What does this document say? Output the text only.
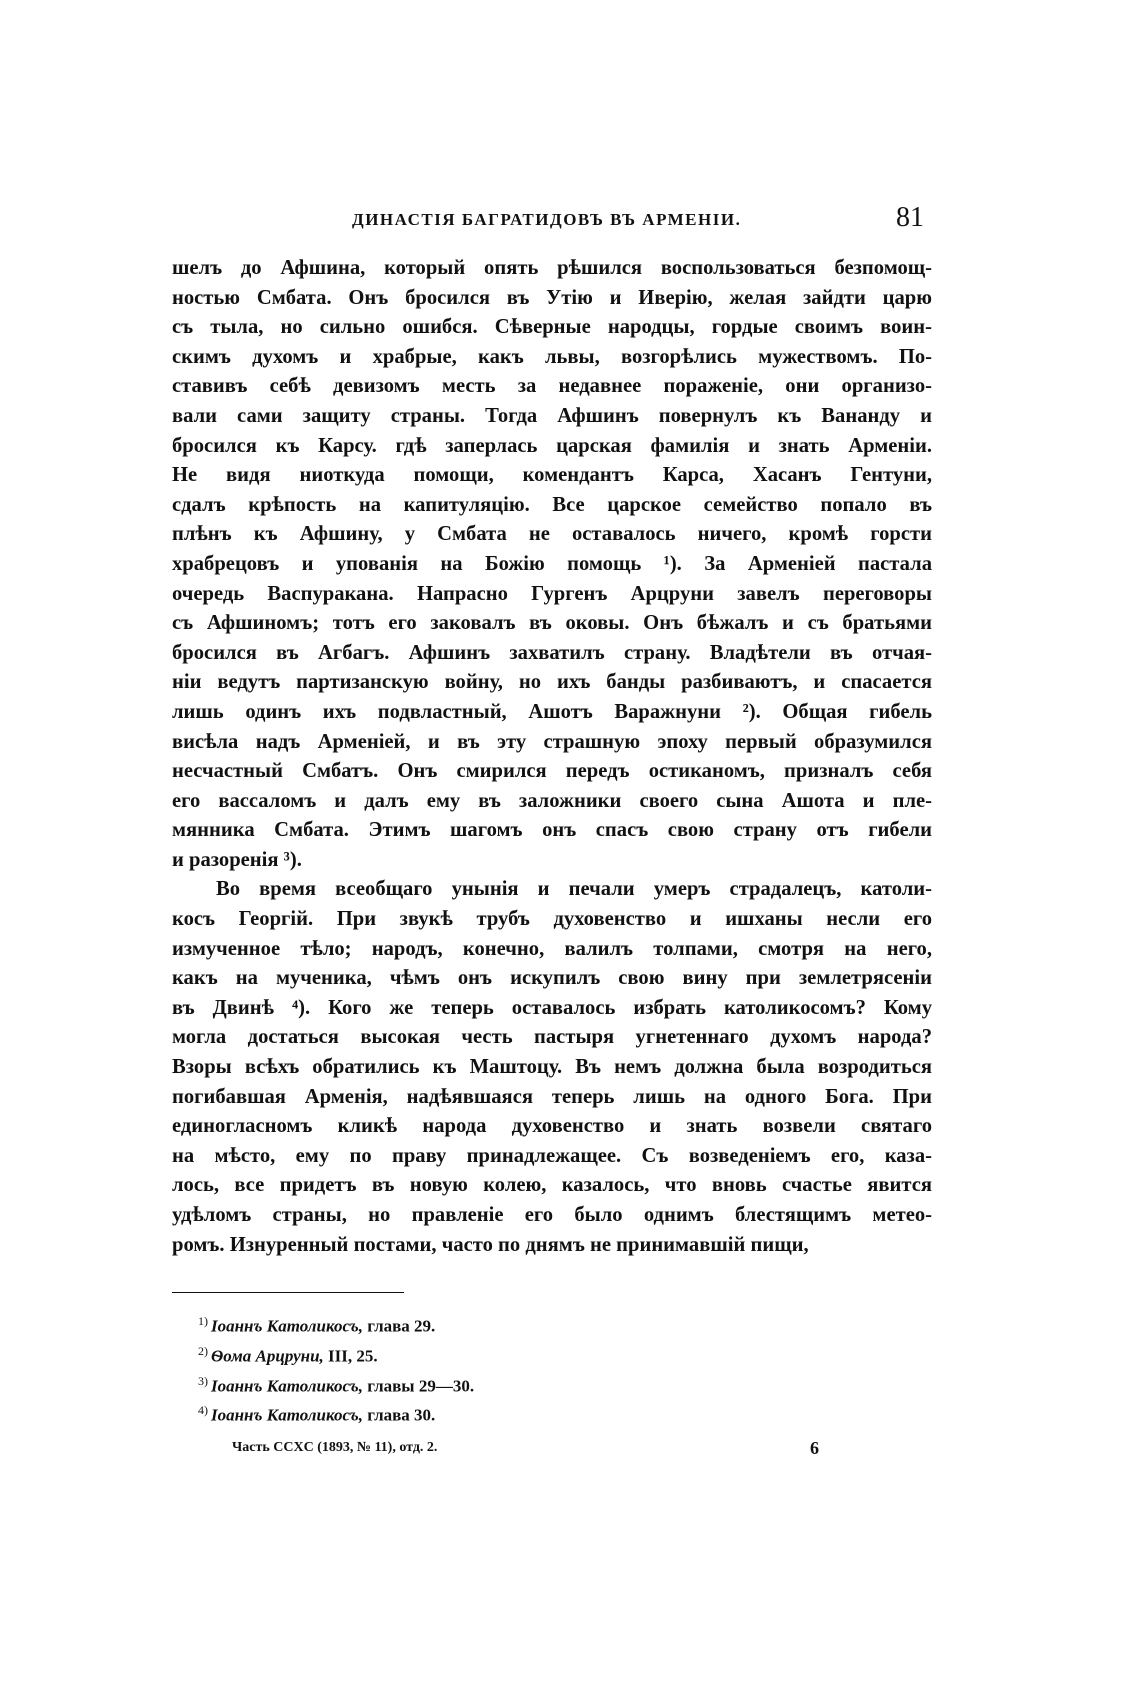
ДИНАСТІЯ БАГРАТИДОВЪ ВЪ АРМЕНІИ.	81
шелъ до Афшина, который опять рѣшился воспользоваться безпомощ-
ностью Смбата. Онъ бросился въ Утію и Иверію, желая зайдти царю
съ тыла, но сильно ошибся. Сѣверные народцы, гордые своимъ воин-
скимъ духомъ и храбрые, какъ львы, возгорѣлись мужествомъ. По-
ставивъ себѣ девизомъ месть за недавнее пораженіе, они организо-
вали сами защиту страны. Тогда Афшинъ повернулъ къ Ванандy и
бросился къ Карсу. гдѣ заперлась царская фамилія и знать Арменіи.
Не видя ниоткуда помощи, комендантъ Карса, Хасанъ Гентуни,
сдалъ крѣпость на капитуляцію. Все царское семейство попало въ
плѣнъ къ Афшину, у Смбата не оставалось ничего, кромѣ горсти
храбрецовъ и упованія на Божію помощь ¹). За Арменіей пастала
очередь Васпуракана. Напрасно Гургенъ Арцруни завелъ переговоры
съ Афшиномъ; тотъ его заковалъ въ оковы. Онъ бѣжалъ и съ братьями
бросился въ Агбагъ. Афшинъ захватилъ страну. Владѣтели въ отчая-
ніи ведутъ партизанскую войну, но ихъ банды разбиваютъ, и спасается
лишь одинъ ихъ подвластный, Ашотъ Варажнуни ²). Общая гибель
висѣла надъ Арменіей, и въ эту страшную эпоху первый образумился
несчастный Смбатъ. Онъ смирился передъ остиканомъ, призналъ себя
его вассаломъ и далъ ему въ заложники своего сына Ашота и пле-
мянника Смбата. Этимъ шагомъ онъ спасъ свою страну отъ гибели
и разоренія ³).
Во время всеобщаго унынія и печали умеръ страдалецъ, католи-
косъ Георгій. При звукѣ трубъ духовенство и ишханы несли его
измученное тѣло; народъ, конечно, валилъ толпами, смотря на него,
какъ на мученика, чѣмъ онъ искупилъ свою вину при землетрясеніи
въ Двинѣ ⁴). Кого же теперь оставалось избрать католикосомъ? Кому
могла достаться высокая честь пастыря угнетеннаго духомъ народа?
Взоры всѣхъ обратились къ Маштоцу. Въ немъ должна была возродиться
погибавшая Арменія, надѣявшаяся теперь лишь на одного Бога. При
единогласномъ кликѣ народа духовенство и знать возвели святаго
на мѣсто, ему по праву принадлежащее. Съ возведеніемъ его, каза-
лось, все придетъ въ новую колею, казалось, что вновь счастье явится
удѣломъ страны, но правленіе его было однимъ блестящимъ метео-
ромъ. Изнуренный постами, часто по днямъ не принимавшій пищи,
$^{1)}$ Іоаннъ Католикосъ, глава 29.
$^{2)}$ Ѳома Арцруни, III, 25.
$^{3)}$ Іоаннъ Католикосъ, главы 29—30.
$^{4)}$ Іоаннъ Католикосъ, глава 30.
Часть CCXC (1893, № 11), отд. 2.	6
